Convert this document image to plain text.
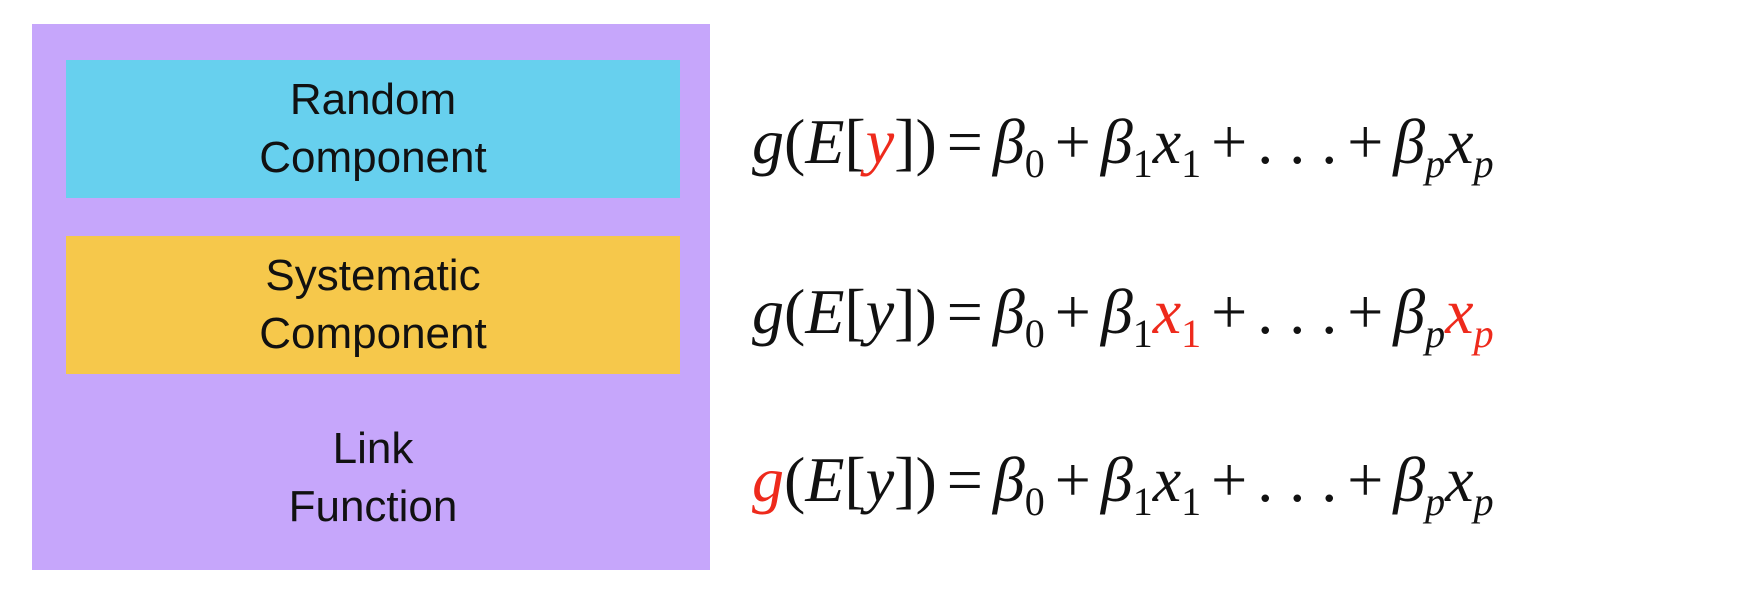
Random
Component
Systematic
Component
Link
Function
$g(E[y]) = \beta_0 + \beta_1x_1$ + . . . + $\beta_px_p$
$g(E[y]) = \beta_0 + \beta_1x_1$ + . . . + $\beta_px_p$
$g(E[y]) = \beta_0 + \beta_1x_1$ + . . . + $\beta_px_p$
